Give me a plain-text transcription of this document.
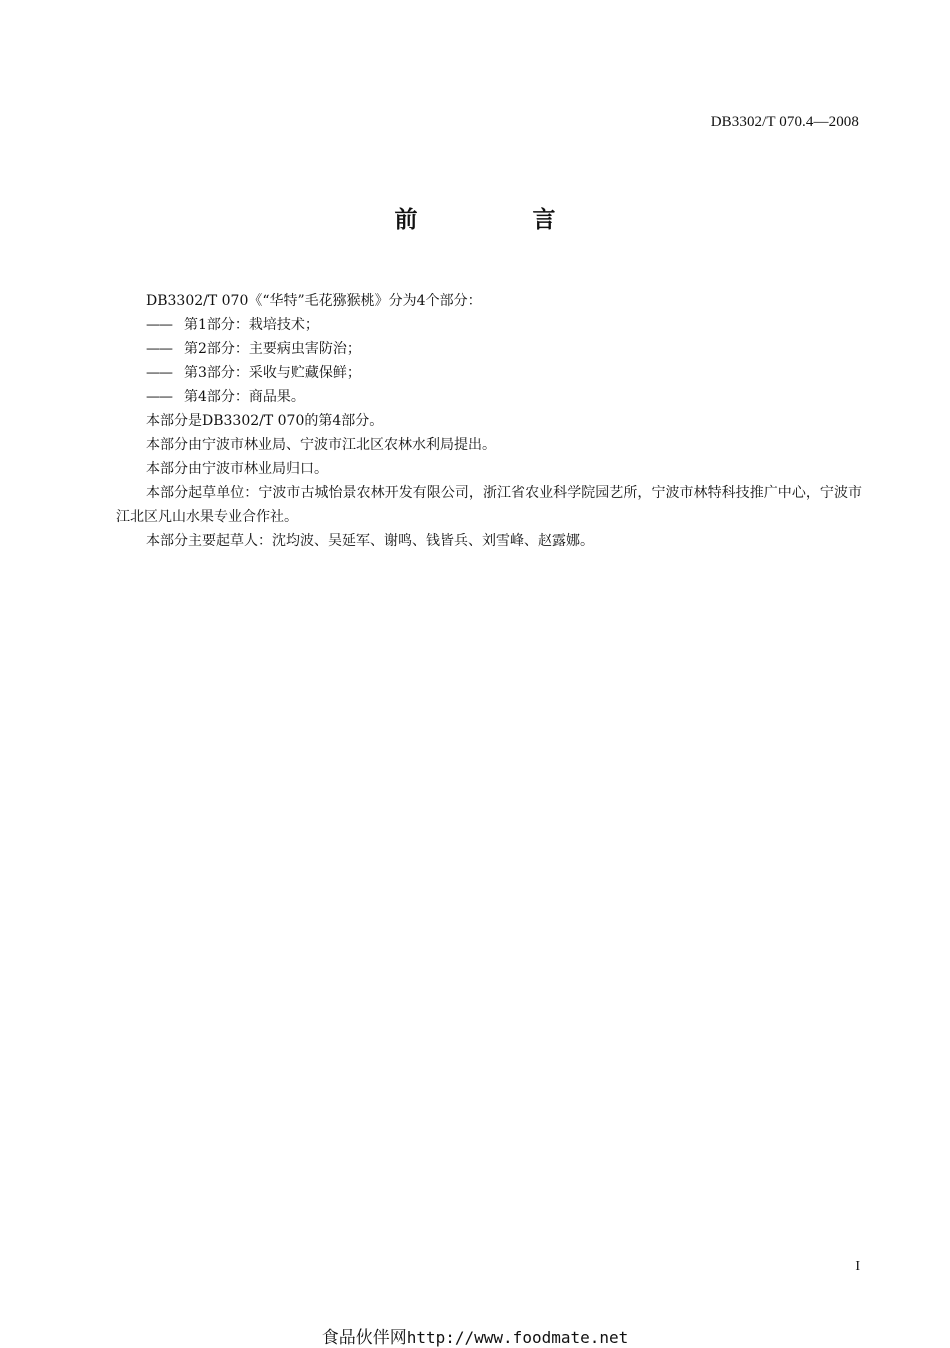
DB3302/T 070.4—2008
前　言

DB3302/T 070《“华特”毛花猕猴桃》分为4个部分：

—— 第1部分：栽培技术；

—— 第2部分：主要病虫害防治；

—— 第3部分：采收与贮藏保鲜；

—— 第4部分：商品果。

本部分是DB3302/T 070的第4部分。

本部分由宁波市林业局、宁波市江北区农林水利局提出。

本部分由宁波市林业局归口。

本部分起草单位：宁波市古城怡景农林开发有限公司，浙江省农业科学院园艺所，宁波市林特科技推广中心，宁波市江北区凡山水果专业合作社。

本部分主要起草人：沈均波、吴延军、谢鸣、钱皆兵、刘雪峰、赵露娜。

I
食品伙伴网http://www.foodmate.net
